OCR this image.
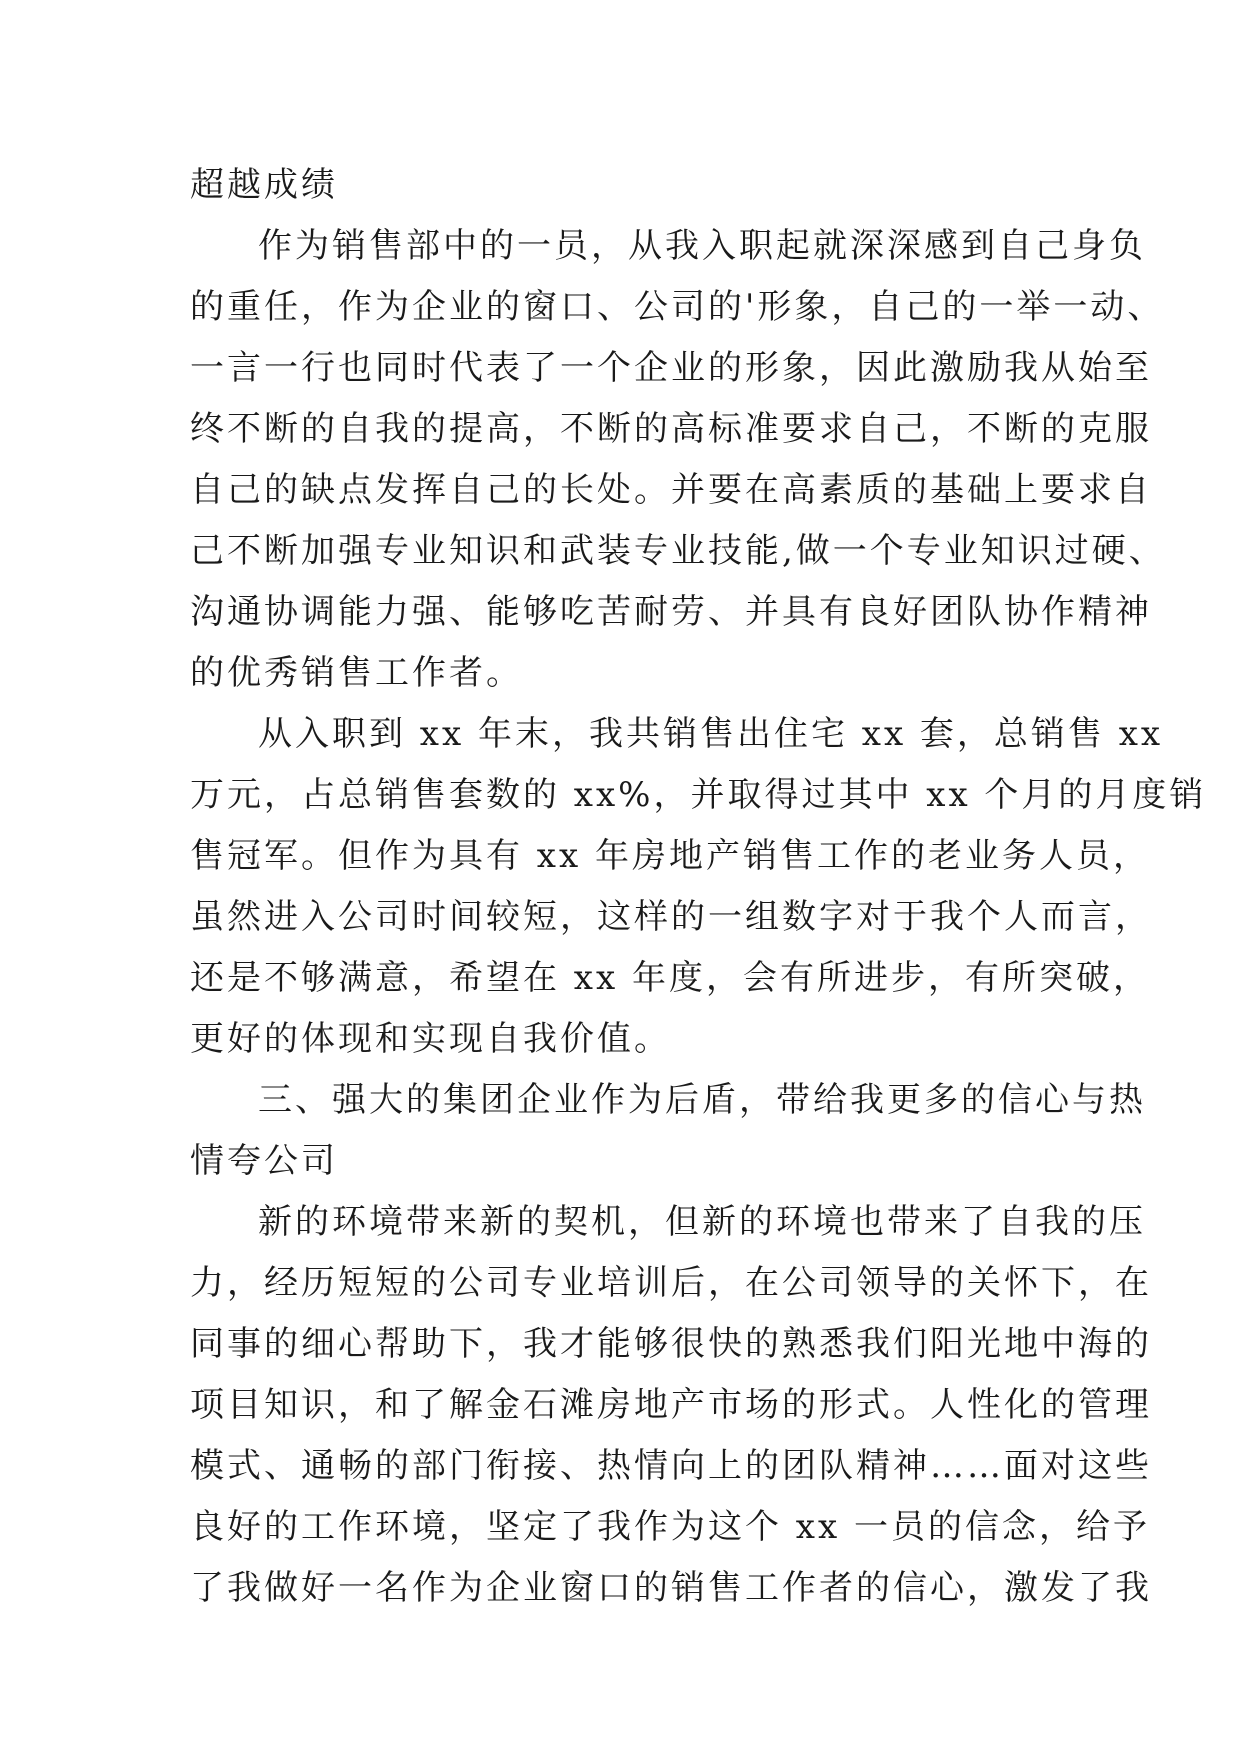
超越成绩
作为销售部中的一员，从我入职起就深深感到自己身负
的重任，作为企业的窗口、公司的'形象，自己的一举一动、
一言一行也同时代表了一个企业的形象，因此激励我从始至
终不断的自我的提高，不断的高标准要求自己，不断的克服
自己的缺点发挥自己的长处。并要在高素质的基础上要求自
己不断加强专业知识和武装专业技能,做一个专业知识过硬、
沟通协调能力强、能够吃苦耐劳、并具有良好团队协作精神
的优秀销售工作者。
从入职到 xx 年末，我共销售出住宅 xx 套，总销售 xx
万元，占总销售套数的 xx%，并取得过其中 xx 个月的月度销
售冠军。但作为具有 xx 年房地产销售工作的老业务人员，
虽然进入公司时间较短，这样的一组数字对于我个人而言，
还是不够满意，希望在 xx 年度，会有所进步，有所突破，
更好的体现和实现自我价值。
三、强大的集团企业作为后盾，带给我更多的信心与热
情夸公司
新的环境带来新的契机，但新的环境也带来了自我的压
力，经历短短的公司专业培训后，在公司领导的关怀下，在
同事的细心帮助下，我才能够很快的熟悉我们阳光地中海的
项目知识，和了解金石滩房地产市场的形式。人性化的管理
模式、通畅的部门衔接、热情向上的团队精神……面对这些
良好的工作环境，坚定了我作为这个 xx 一员的信念，给予
了我做好一名作为企业窗口的销售工作者的信心，激发了我
